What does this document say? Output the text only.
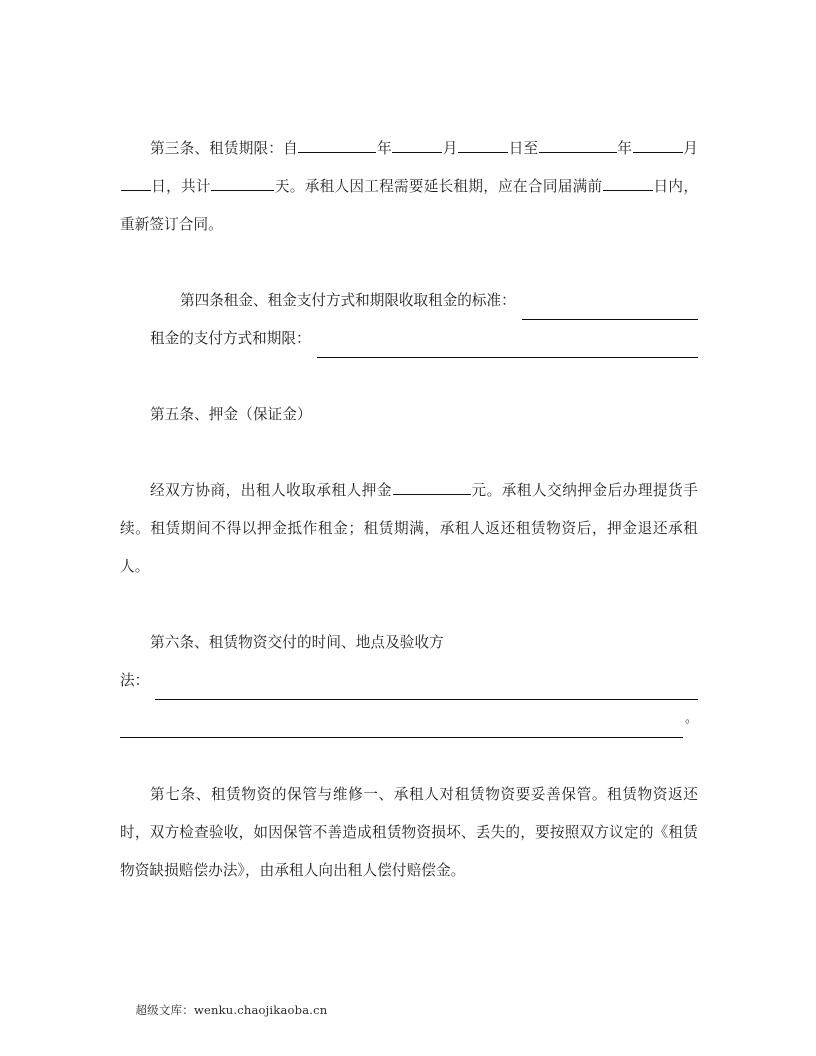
第三条、租赁期限：自	年	月	日至	年	月日，共计	天。承租人因工程需要延长租期，应在合同届满前	日内，重新签订合同。
第四条租金、租金支付方式和期限收取租金的标准：
租金的支付方式和期限：
第五条、押金（保证金）
经双方协商，出租人收取承租人押金	元。承租人交纳押金后办理提货手续。租赁期间不得以押金抵作租金；租赁期满，承租人返还租赁物资后，押金退还承租人。
第六条、租赁物资交付的时间、地点及验收方
法：
。
第七条、租赁物资的保管与维修一、承租人对租赁物资要妥善保管。租赁物资返还时，双方检查验收，如因保管不善造成租赁物资损坏、丢失的，要按照双方议定的《租赁物资缺损赔偿办法》，由承租人向出租人偿付赔偿金。

超级文库：wenku.chaojikaoba.cn
